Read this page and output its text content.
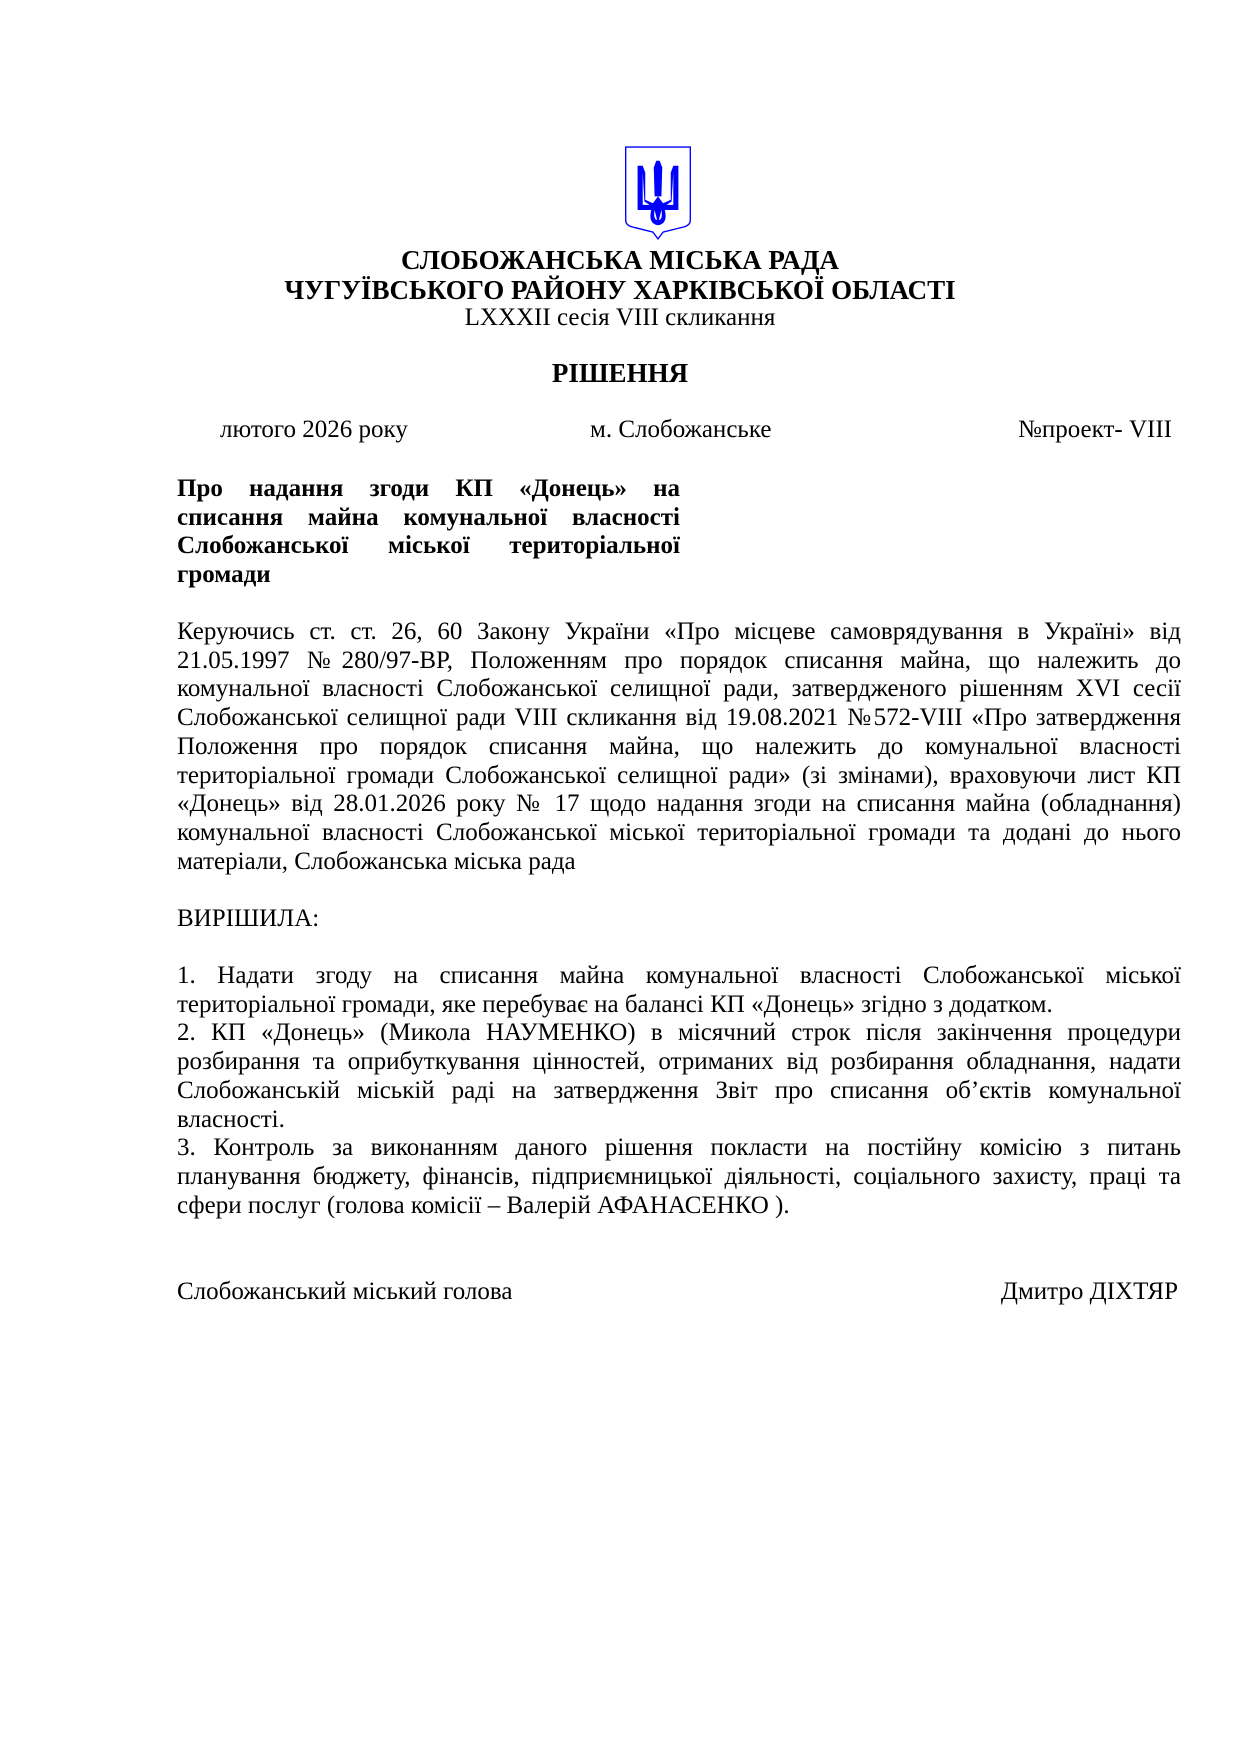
СЛОБОЖАНСЬКА МІСЬКА РАДА
ЧУГУЇВСЬКОГО РАЙОНУ ХАРКІВСЬКОЇ ОБЛАСТІ
LXXXII сесія VIII скликання
РІШЕННЯ
лютого 2026 року	м. Слобожанське	№проект- VIII
Про надання згоди КП «Донець» на
списання майна комунальної власності
Слобожанської міської територіальної
громади

Керуючись ст. ст. 26, 60 Закону України «Про місцеве самоврядування в Україні» від 21.05.1997 №280/97-ВР, Положенням про порядок списання майна, що належить до комунальної власності Слобожанської селищної ради, затвердженого рішенням XVI сесії Слобожанської селищної ради VIII скликання від 19.08.2021 №572-VIII «Про затвердження Положення про порядок списання майна, що належить до комунальної власності територіальної громади Слобожанської селищної ради» (зі змінами), враховуючи лист КП «Донець» від 28.01.2026 року № 17 щодо надання згоди на списання майна (обладнання) комунальної власності Слобожанської міської територіальної громади та додані до нього матеріали, Слобожанська міська рада

ВИРІШИЛА:

1. Надати згоду на списання майна комунальної власності Слобожанської міської територіальної громади, яке перебуває на балансі КП «Донець» згідно з додатком.

2. КП «Донець» (Микола НАУМЕНКО) в місячний строк після закінчення процедури розбирання та оприбуткування цінностей, отриманих від розбирання обладнання, надати Слобожанській міській раді на затвердження Звіт про списання об’єктів комунальної власності.

3. Контроль за виконанням даного рішення покласти на постійну комісію з питань планування бюджету, фінансів, підприємницької діяльності, соціального захисту, праці та сфери послуг (голова комісії – Валерій АФАНАСЕНКО ).

Слобожанський міський голова	Дмитро ДІХТЯР
